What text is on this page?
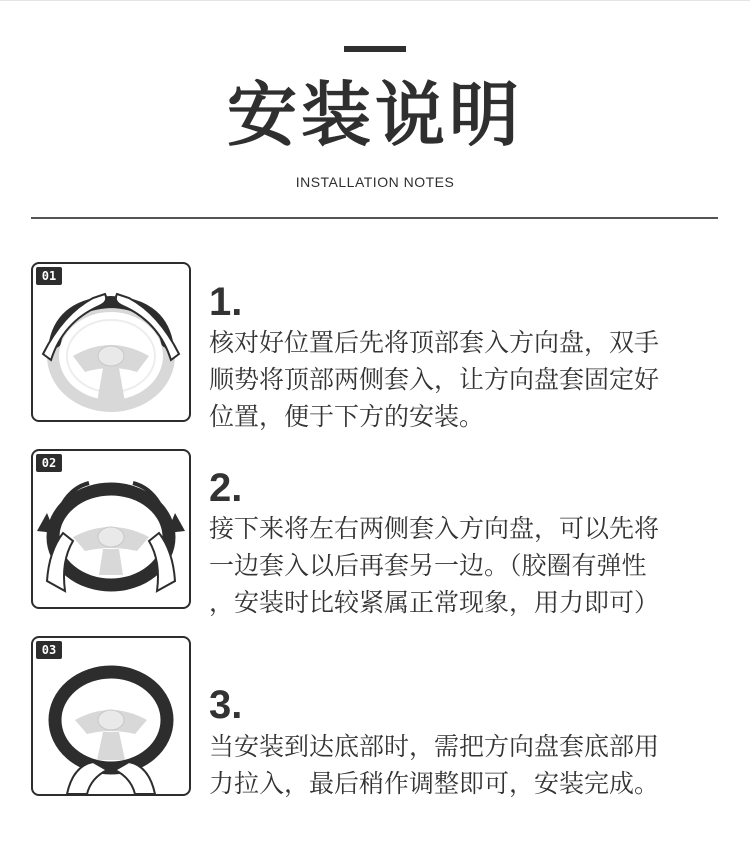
安装说明
INSTALLATION NOTES
01
1.
核对好位置后先将顶部套入方向盘，双手
顺势将顶部两侧套入，让方向盘套固定好
位置，便于下方的安装。
02
2.
接下来将左右两侧套入方向盘，可以先将
一边套入以后再套另一边。（胶圈有弹性
，安装时比较紧属正常现象，用力即可）
03
3.
当安装到达底部时，需把方向盘套底部用
力拉入，最后稍作调整即可，安装完成。
